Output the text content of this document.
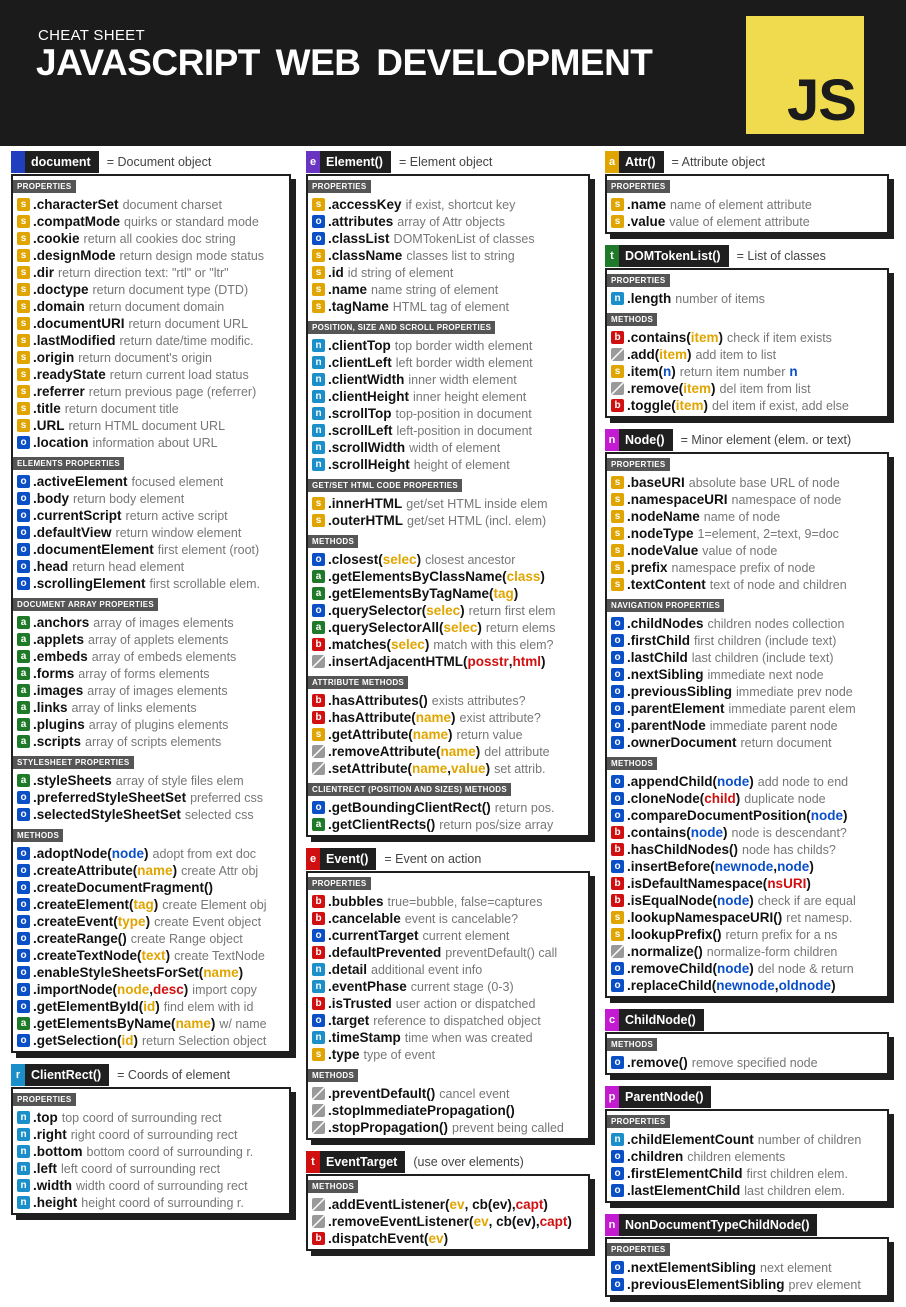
CHEAT SHEET
JAVASCRIPT WEB DEVELOPMENT
JS
document = Document object
PROPERTIES
s .characterSet document charset
s .compatMode quirks or standard mode
s .cookie return all cookies doc string
s .designMode return design mode status
s .dir return direction text: "rtl" or "ltr"
s .doctype return document type (DTD)
s .domain return document domain
s .documentURI return document URL
s .lastModified return date/time modific.
s .origin return document's origin
s .readyState return current load status
s .referrer return previous page (referrer)
s .title return document title
s .URL return HTML document URL
o .location information about URL
ELEMENTS PROPERTIES
o .activeElement focused element
o .body return body element
o .currentScript return active script
o .defaultView return window element
o .documentElement first element (root)
o .head return head element
o .scrollingElement first scrollable elem.
DOCUMENT ARRAY PROPERTIES
a .anchors array of images elements
a .applets array of applets elements
a .embeds array of embeds elements
a .forms array of forms elements
a .images array of images elements
a .links array of links elements
a .plugins array of plugins elements
a .scripts array of scripts elements
STYLESHEET PROPERTIES
a .styleSheets array of style files elem
o .preferredStyleSheetSet preferred css
o .selectedStyleSheetSet selected css
METHODS
o .adoptNode( node ) adopt from ext doc
o .createAttribute( name ) create Attr obj
o .createDocumentFragment()
o .createElement( tag ) create Element obj
o .createEvent( type ) create Event object
o .createRange() create Range object
o .createTextNode( text ) create TextNode
o .enableStyleSheetsForSet( name )
o .importNode( node , desc ) import copy
o .getElementById( id ) find elem with id
a .getElementsByName( name ) w/ name
o .getSelection( id ) return Selection object
r ClientRect() = Coords of element
PROPERTIES
n .top top coord of surrounding rect
n .right right coord of surrounding rect
n .bottom bottom coord of surrounding r.
n .left left coord of surrounding rect
n .width width coord of surrounding rect
n .height height coord of surrounding r.
e Element() = Element object
PROPERTIES
s .accessKey if exist, shortcut key
o .attributes array of Attr objects
o .classList DOMTokenList of classes
s .className classes list to string
s .id id string of element
s .name name string of element
s .tagName HTML tag of element
POSITION, SIZE AND SCROLL PROPERTIES
n .clientTop top border width element
n .clientLeft left border width element
n .clientWidth inner width element
n .clientHeight inner height element
n .scrollTop top-position in document
n .scrollLeft left-position in document
n .scrollWidth width of element
n .scrollHeight height of element
GET/SET HTML CODE PROPERTIES
s .innerHTML get/set HTML inside elem
s .outerHTML get/set HTML (incl. elem)
METHODS
o .closest( selec ) closest ancestor
a .getElementsByClassName( class )
a .getElementsByTagName( tag )
o .querySelector( selec ) return first elem
a .querySelectorAll( selec ) return elems
b .matches( selec ) match with this elem?
.insertAdjacentHTML( posstr , html )
ATTRIBUTE METHODS
b .hasAttributes() exists attributes?
b .hasAttribute( name ) exist attribute?
s .getAttribute( name ) return value
.removeAttribute( name ) del attribute
.setAttribute( name , value ) set attrib.
CLIENTRECT (POSITION AND SIZES) METHODS
o .getBoundingClientRect() return pos.
a .getClientRects() return pos/size array
e Event() = Event on action
PROPERTIES
b .bubbles true=bubble, false=captures
b .cancelable event is cancelable?
o .currentTarget current element
b .defaultPrevented preventDefault() call
n .detail additional event info
n .eventPhase current stage (0-3)
b .isTrusted user action or dispatched
o .target reference to dispatched object
n .timeStamp time when was created
s .type type of event
METHODS
.preventDefault() cancel event
.stopImmediatePropagation()
.stopPropagation() prevent being called
t EventTarget (use over elements)
METHODS
.addEventListener( ev , cb(ev), capt )
.removeEventListener( ev , cb(ev), capt )
b .dispatchEvent( ev )
a Attr() = Attribute object
PROPERTIES
s .name name of element attribute
s .value value of element attribute
t DOMTokenList() = List of classes
PROPERTIES
n .length number of items
METHODS
b .contains( item ) check if item exists
.add( item ) add item to list
s .item( n ) return item number n
.remove( item ) del item from list
b .toggle( item ) del item if exist, add else
n Node() = Minor element (elem. or text)
PROPERTIES
s .baseURI absolute base URL of node
s .namespaceURI namespace of node
s .nodeName name of node
s .nodeType 1=element, 2=text, 9=doc
s .nodeValue value of node
s .prefix namespace prefix of node
s .textContent text of node and children
NAVIGATION PROPERTIES
o .childNodes children nodes collection
o .firstChild first children (include text)
o .lastChild last children (include text)
o .nextSibling immediate next node
o .previousSibling immediate prev node
o .parentElement immediate parent elem
o .parentNode immediate parent node
o .ownerDocument return document
METHODS
o .appendChild( node ) add node to end
o .cloneNode( child ) duplicate node
o .compareDocumentPosition( node )
b .contains( node ) node is descendant?
b .hasChildNodes() node has childs?
o .insertBefore( newnode , node )
b .isDefaultNamespace( nsURI )
b .isEqualNode( node ) check if are equal
s .lookupNamespaceURI() ret namesp.
s .lookupPrefix() return prefix for a ns
.normalize() normalize-form children
o .removeChild( node ) del node & return
o .replaceChild( newnode , oldnode )
c ChildNode()
METHODS
o .remove() remove specified node
p ParentNode()
PROPERTIES
n .childElementCount number of children
o .children children elements
o .firstElementChild first children elem.
o .lastElementChild last children elem.
n NonDocumentTypeChildNode()
PROPERTIES
o .nextElementSibling next element
o .previousElementSibling prev element
